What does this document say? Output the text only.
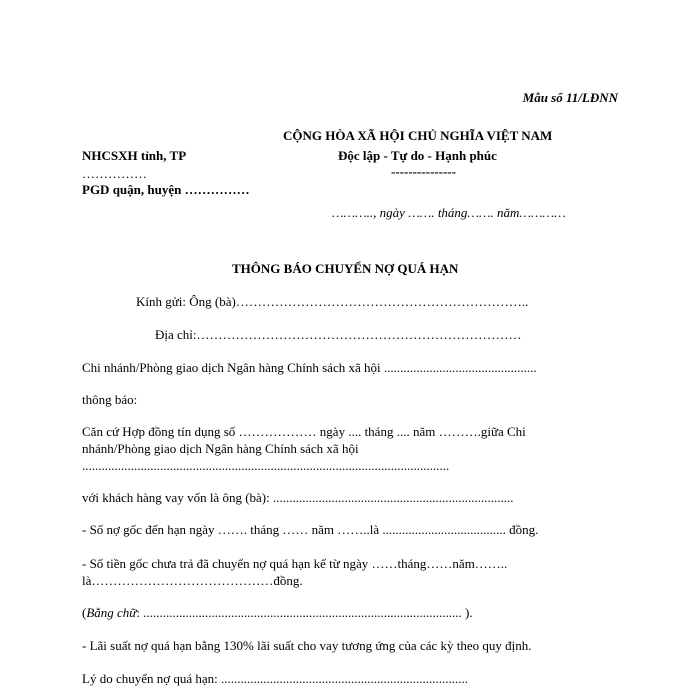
Mẫu số 11/LĐNN
CỘNG HÒA XÃ HỘI CHỦ NGHĨA VIỆT NAM
NHCSXH tỉnh, TP	Độc lập - Tự do - Hạnh phúc
……………	---------------
PGD quận, huyện ……………
……….., ngày ……. tháng……. năm…………
THÔNG BÁO CHUYỂN NỢ QUÁ HẠN
Kính gửi: Ông (bà)…………………………………………………………..
Địa chỉ:…………………………………………………………………
Chi nhánh/Phòng giao dịch Ngân hàng Chính sách xã hội ...............................................
thông báo:
Căn cứ Hợp đồng tín dụng số ……………… ngày .... tháng .... năm ……….giữa Chi
nhánh/Phòng giao dịch Ngân hàng Chính sách xã hội
.................................................................................................................
với khách hàng vay vốn là ông (bà): ..........................................................................
- Số nợ gốc đến hạn ngày ……. tháng …… năm ……..là ...................................... đồng.
- Số tiền gốc chưa trả đã chuyển nợ quá hạn kể từ ngày ……tháng……năm……..
là……………………………………đồng.
(Bằng chữ: .................................................................................................. ).
- Lãi suất nợ quá hạn bằng 130% lãi suất cho vay tương ứng của các kỳ theo quy định.
Lý do chuyển nợ quá hạn: ............................................................................
